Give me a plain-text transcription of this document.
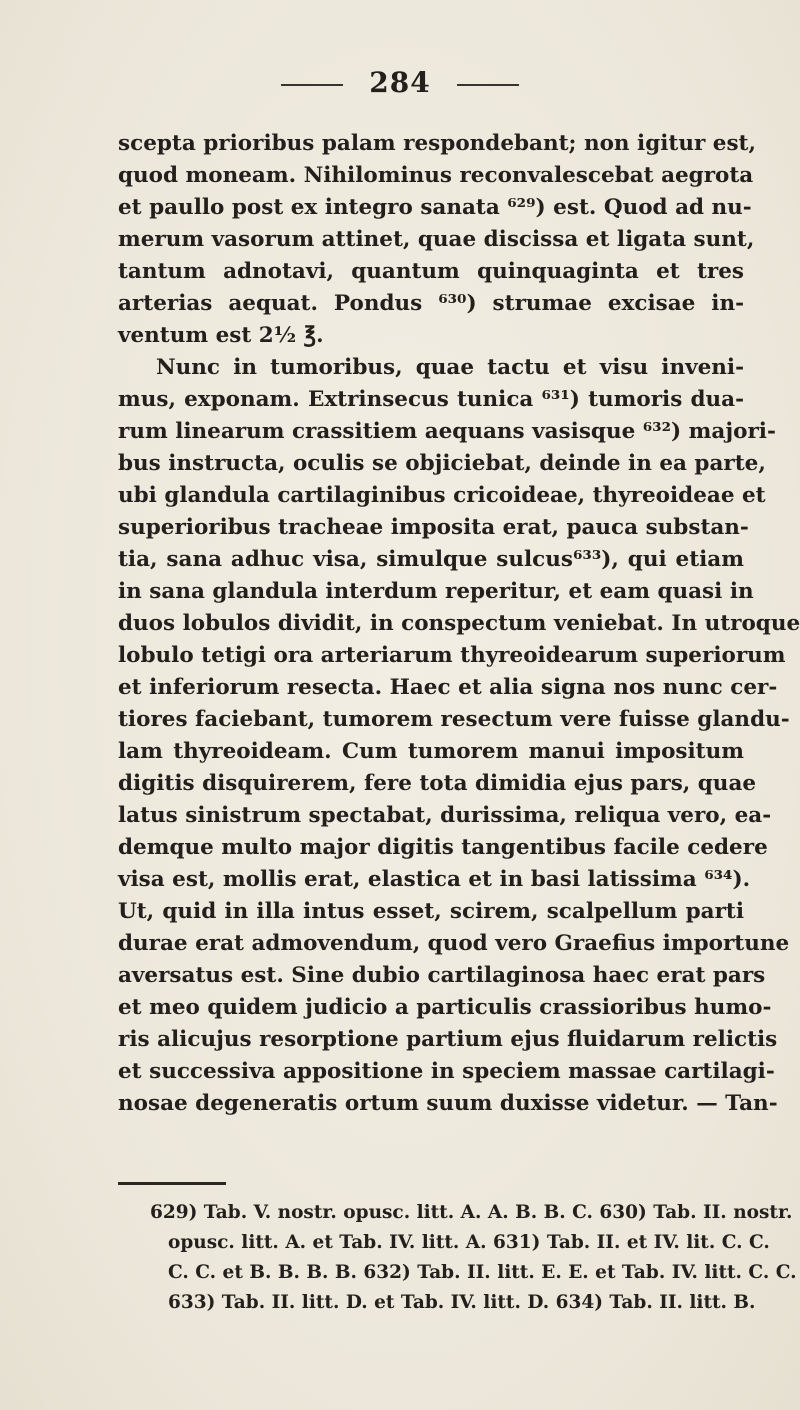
284
scepta prioribus palam respondebant; non igitur est,
quod moneam. Nihilominus reconvalescebat aegrota
et paullo post ex integro sanata ⁶²⁹) est. Quod ad nu-
merum vasorum attinet, quae discissa et ligata sunt,
tantum adnotavi, quantum quinquaginta et tres
arterias aequat. Pondus ⁶³⁰) strumae excisae in-
ventum est 2½ ℥.
Nunc in tumoribus, quae tactu et visu inveni-
mus, exponam. Extrinsecus tunica ⁶³¹) tumoris dua-
rum linearum crassitiem aequans vasisque ⁶³²) majori-
bus instructa, oculis se objiciebat, deinde in ea parte,
ubi glandula cartilaginibus cricoideae, thyreoideae et
superioribus tracheae imposita erat, pauca substan-
tia, sana adhuc visa, simulque sulcus⁶³³), qui etiam
in sana glandula interdum reperitur, et eam quasi in
duos lobulos dividit, in conspectum veniebat. In utroque
lobulo tetigi ora arteriarum thyreoidearum superiorum
et inferiorum resecta. Haec et alia signa nos nunc cer-
tiores faciebant, tumorem resectum vere fuisse glandu-
lam thyreoideam. Cum tumorem manui impositum
digitis disquirerem, fere tota dimidia ejus pars, quae
latus sinistrum spectabat, durissima, reliqua vero, ea-
demque multo major digitis tangentibus facile cedere
visa est, mollis erat, elastica et in basi latissima ⁶³⁴).
Ut, quid in illa intus esset, scirem, scalpellum parti
durae erat admovendum, quod vero Graefius importune
aversatus est. Sine dubio cartilaginosa haec erat pars
et meo quidem judicio a particulis crassioribus humo-
ris alicujus resorptione partium ejus fluidarum relictis
et successiva appositione in speciem massae cartilagi-
nosae degeneratis ortum suum duxisse videtur. — Tan-
629) Tab. V. nostr. opusc. litt. A. A. B. B. C. 630) Tab. II. nostr.
opusc. litt. A. et Tab. IV. litt. A. 631) Tab. II. et IV. lit. C. C.
C. C. et B. B. B. B. 632) Tab. II. litt. E. E. et Tab. IV. litt. C. C.
633) Tab. II. litt. D. et Tab. IV. litt. D. 634) Tab. II. litt. B.
